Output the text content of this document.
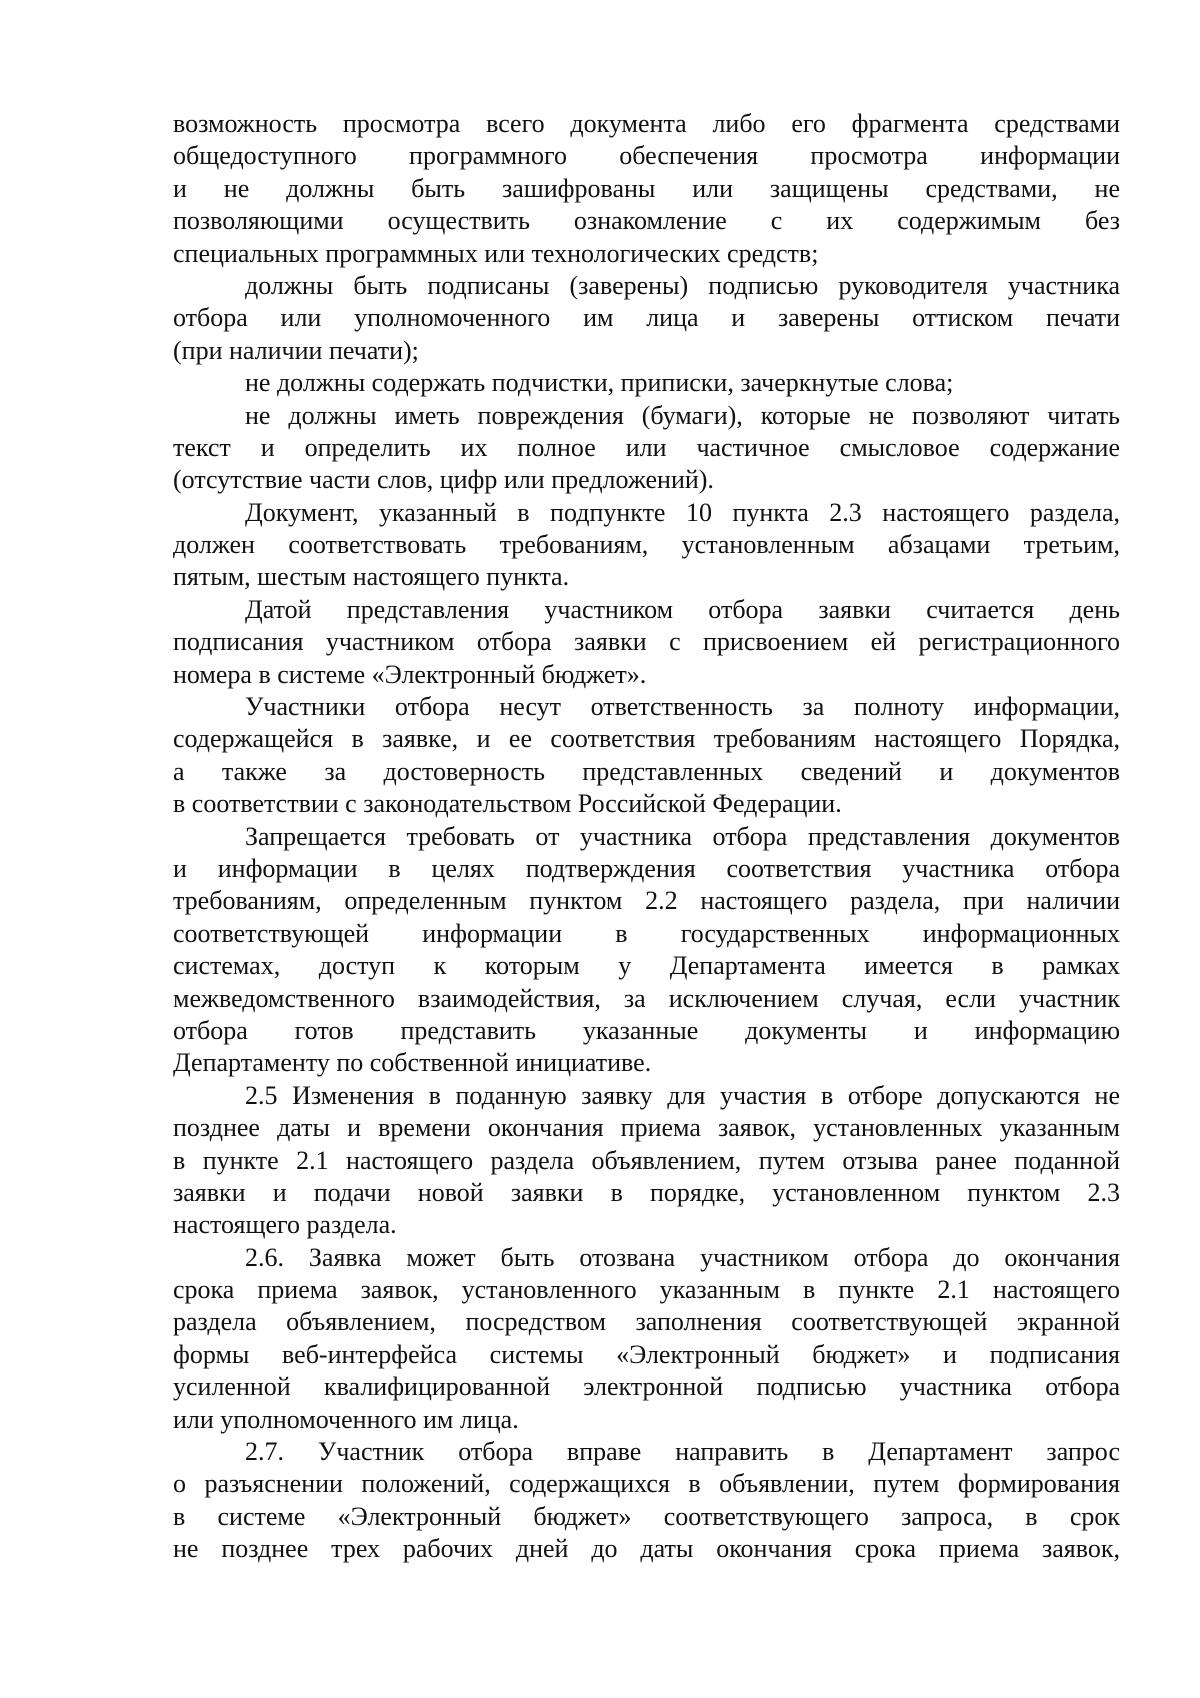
возможность просмотра всего документа либо его фрагмента средствами
общедоступного программного обеспечения просмотра информации
и не должны быть зашифрованы или защищены средствами, не
позволяющими осуществить ознакомление с их содержимым без
специальных программных или технологических средств;
должны быть подписаны (заверены) подписью руководителя участника
отбора или уполномоченного им лица и заверены оттиском печати
(при наличии печати);
не должны содержать подчистки, приписки, зачеркнутые слова;
не должны иметь повреждения (бумаги), которые не позволяют читать
текст и определить их полное или частичное смысловое содержание
(отсутствие части слов, цифр или предложений).
Документ, указанный в подпункте 10 пункта 2.3 настоящего раздела,
должен соответствовать требованиям, установленным абзацами третьим,
пятым, шестым настоящего пункта.
Датой представления участником отбора заявки считается день
подписания участником отбора заявки с присвоением ей регистрационного
номера в системе «Электронный бюджет».
Участники отбора несут ответственность за полноту информации,
содержащейся в заявке, и ее соответствия требованиям настоящего Порядка,
а также за достоверность представленных сведений и документов
в соответствии с законодательством Российской Федерации.
Запрещается требовать от участника отбора представления документов
и информации в целях подтверждения соответствия участника отбора
требованиям, определенным пунктом 2.2 настоящего раздела, при наличии
соответствующей информации в государственных информационных
системах, доступ к которым у Департамента имеется в рамках
межведомственного взаимодействия, за исключением случая, если участник
отбора готов представить указанные документы и информацию
Департаменту по собственной инициативе.
2.5 Изменения в поданную заявку для участия в отборе допускаются не
позднее даты и времени окончания приема заявок, установленных указанным
в пункте 2.1 настоящего раздела объявлением, путем отзыва ранее поданной
заявки и подачи новой заявки в порядке, установленном пунктом 2.3
настоящего раздела.
2.6. Заявка может быть отозвана участником отбора до окончания
срока приема заявок, установленного указанным в пункте 2.1 настоящего
раздела объявлением, посредством заполнения соответствующей экранной
формы веб-интерфейса системы «Электронный бюджет» и подписания
усиленной квалифицированной электронной подписью участника отбора
или уполномоченного им лица.
2.7. Участник отбора вправе направить в Департамент запрос
о разъяснении положений, содержащихся в объявлении, путем формирования
в системе «Электронный бюджет» соответствующего запроса, в срок
не позднее трех рабочих дней до даты окончания срока приема заявок,
